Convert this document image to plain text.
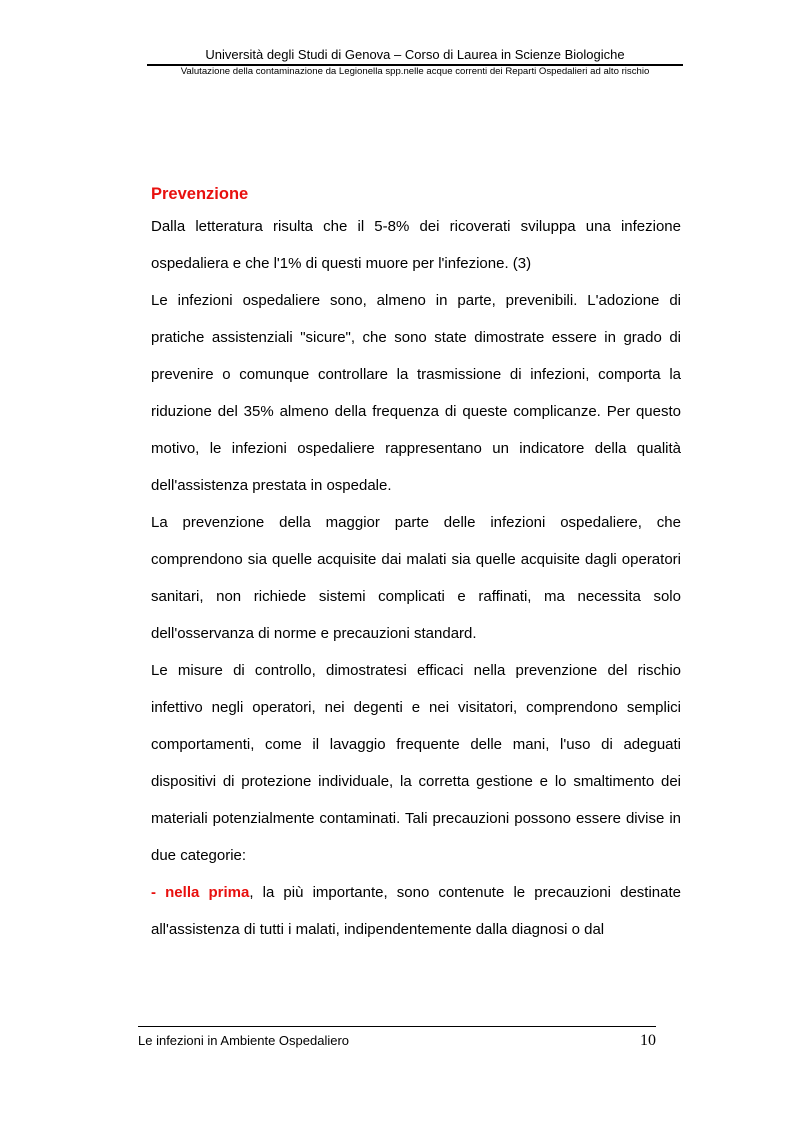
Università degli Studi di Genova – Corso di Laurea in Scienze Biologiche
Valutazione della contaminazione da Legionella spp.nelle acque correnti dei Reparti Ospedalieri ad alto rischio
Prevenzione

Dalla letteratura risulta che il 5-8% dei ricoverati sviluppa una infezione ospedaliera e che l'1% di questi muore per l'infezione. (3)

Le infezioni ospedaliere sono, almeno in parte, prevenibili. L'adozione di pratiche assistenziali "sicure", che sono state dimostrate essere in grado di prevenire o comunque controllare la trasmissione di infezioni, comporta la riduzione del 35% almeno della frequenza di queste complicanze. Per questo motivo, le infezioni ospedaliere rappresentano un indicatore della qualità dell'assistenza prestata in ospedale.

La prevenzione della maggior parte delle infezioni ospedaliere, che comprendono sia quelle acquisite dai malati sia quelle acquisite dagli operatori sanitari, non richiede sistemi complicati e raffinati, ma necessita solo dell'osservanza di norme e precauzioni standard.

Le misure di controllo, dimostratesi efficaci nella prevenzione del rischio infettivo negli operatori, nei degenti e nei visitatori, comprendono semplici comportamenti, come il lavaggio frequente delle mani, l'uso di adeguati dispositivi di protezione individuale, la corretta gestione e lo smaltimento dei materiali potenzialmente contaminati. Tali precauzioni possono essere divise in due categorie:

- nella prima, la più importante, sono contenute le precauzioni destinate all'assistenza di tutti i malati, indipendentemente dalla diagnosi o dal

Le infezioni in Ambiente Ospedaliero	10
